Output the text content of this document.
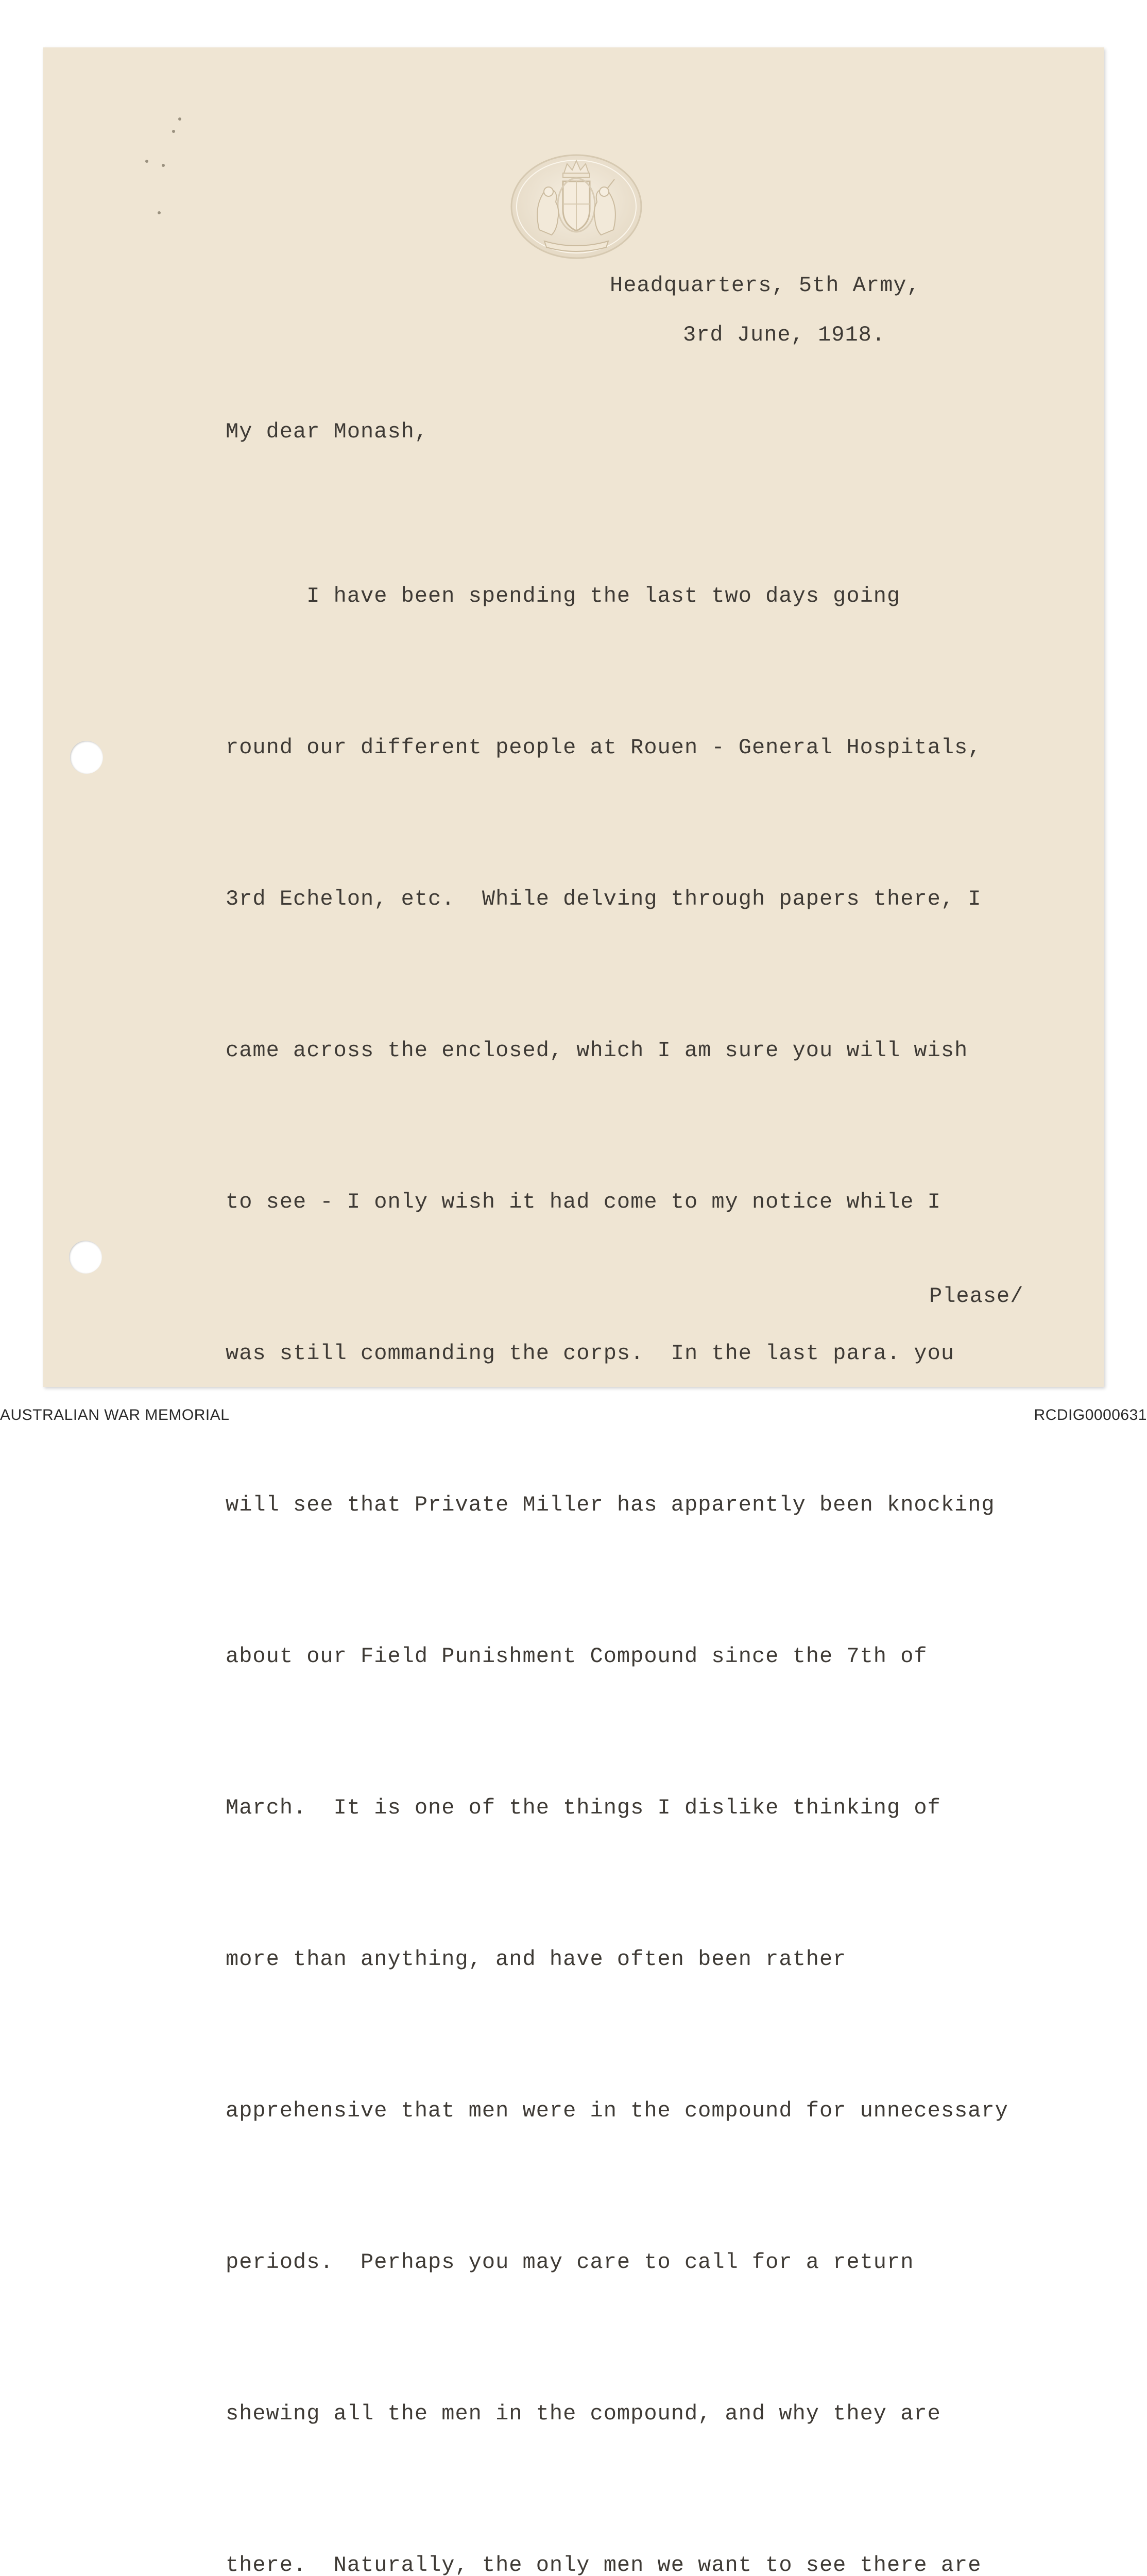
Headquarters, 5th Army,
3rd June, 1918.
My dear Monash,

I have been spending the last two days going

round our different people at Rouen - General Hospitals,

3rd Echelon, etc.  While delving through papers there, I

came across the enclosed, which I am sure you will wish

to see - I only wish it had come to my notice while I

was still commanding the corps.  In the last para. you

will see that Private Miller has apparently been knocking

about our Field Punishment Compound since the 7th of

March.  It is one of the things I dislike thinking of

more than anything, and have often been rather

apprehensive that men were in the compound for unnecessary

periods.  Perhaps you may care to call for a return

shewing all the men in the compound, and why they are

there.  Naturally, the only men we want to see there are

Please/
AUSTRALIAN WAR MEMORIAL	RCDIG0000631
